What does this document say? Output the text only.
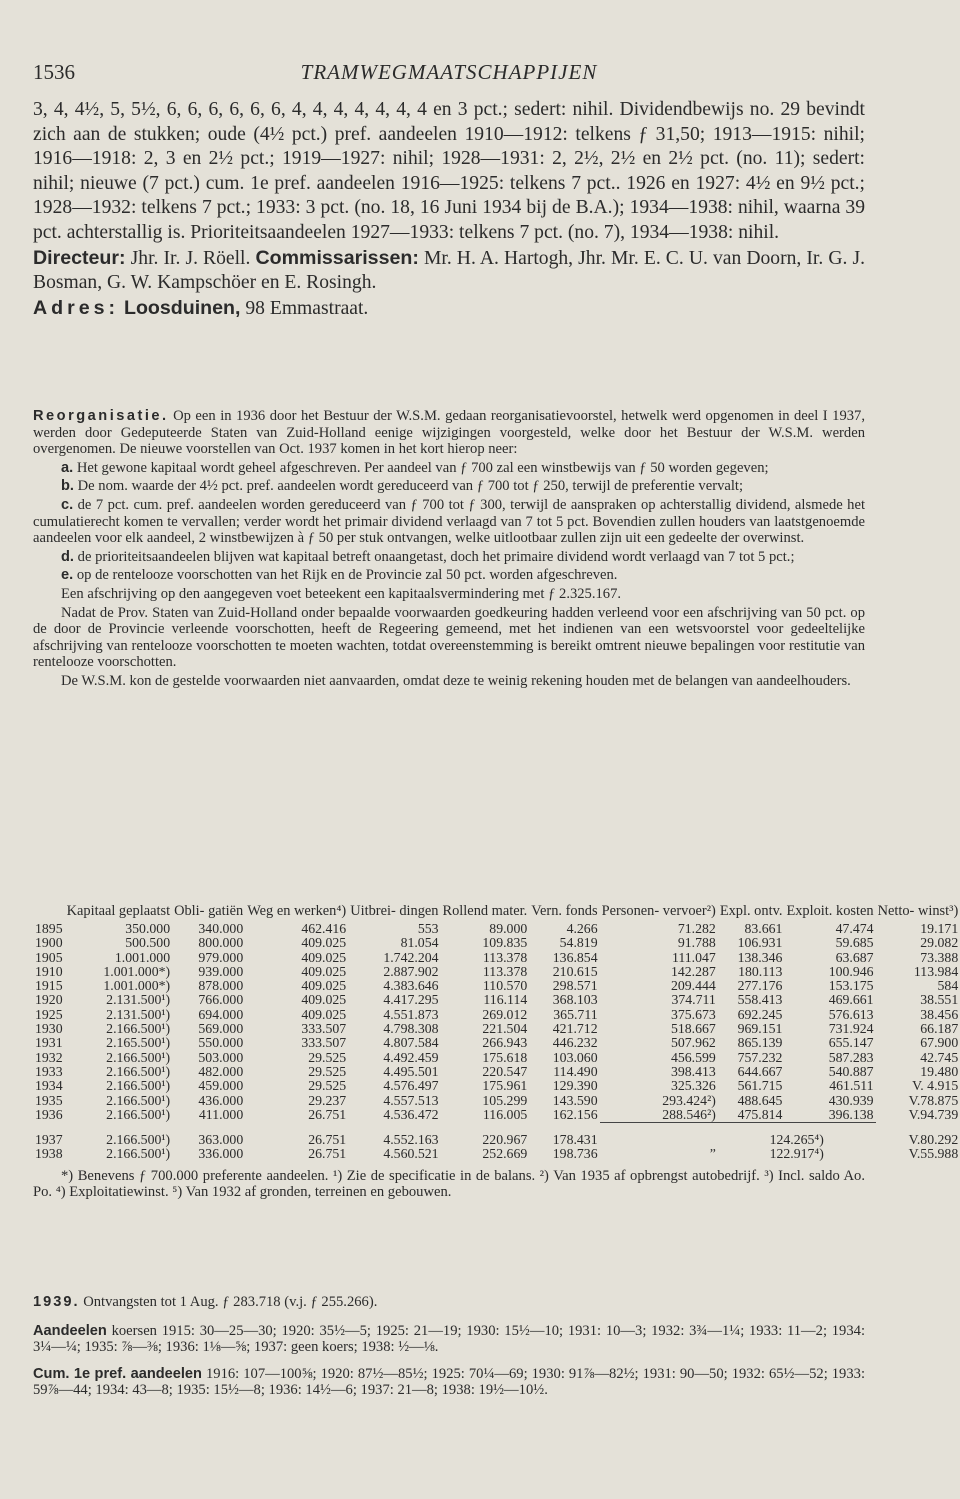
1536	TRAMWEGMAATSCHAPPIJEN

3, 4, 4½, 5, 5½, 6, 6, 6, 6, 6, 6, 4, 4, 4, 4, 4, 4, 4 en 3 pct.; sedert: nihil. Dividendbewijs no. 29 bevindt zich aan de stukken; oude (4½ pct.) pref. aandeelen 1910—1912: telkens ƒ 31,50; 1913—1915: nihil; 1916—1918: 2, 3 en 2½ pct.; 1919—1927: nihil; 1928—1931: 2, 2½, 2½ en 2½ pct. (no. 11); sedert: nihil; nieuwe (7 pct.) cum. 1e pref. aandeelen 1916—1925: telkens 7 pct.. 1926 en 1927: 4½ en 9½ pct.; 1928—1932: telkens 7 pct.; 1933: 3 pct. (no. 18, 16 Juni 1934 bij de B.A.); 1934—1938: nihil, waarna 39 pct. achterstallig is. Prioriteitsaandeelen 1927—1933: telkens 7 pct. (no. 7), 1934—1938: nihil.

Directeur: Jhr. Ir. J. Röell. Commissarissen: Mr. H. A. Hartogh, Jhr. Mr. E. C. U. van Doorn, Ir. G. J. Bosman, G. W. Kampschöer en E. Rosingh.

Adres: Loosduinen, 98 Emmastraat.

Reorganisatie. Op een in 1936 door het Bestuur der W.S.M. gedaan reorganisatievoorstel, hetwelk werd opgenomen in deel I 1937, werden door Gedeputeerde Staten van Zuid-Holland eenige wijzigingen voorgesteld, welke door het Bestuur der W.S.M. werden overgenomen. De nieuwe voorstellen van Oct. 1937 komen in het kort hierop neer:

a. Het gewone kapitaal wordt geheel afgeschreven. Per aandeel van ƒ 700 zal een winstbewijs van ƒ 50 worden gegeven;

b. De nom. waarde der 4½ pct. pref. aandeelen wordt gereduceerd van ƒ 700 tot ƒ 250, terwijl de preferentie vervalt;

c. de 7 pct. cum. pref. aandeelen worden gereduceerd van ƒ 700 tot ƒ 300, terwijl de aanspraken op achterstallig dividend, alsmede het cumulatierecht komen te vervallen; verder wordt het primair dividend verlaagd van 7 tot 5 pct. Bovendien zullen houders van laatstgenoemde aandeelen voor elk aandeel, 2 winstbewijzen à ƒ 50 per stuk ontvangen, welke uitlootbaar zullen zijn uit een gedeelte der overwinst.

d. de prioriteitsaandeelen blijven wat kapitaal betreft onaangetast, doch het primaire dividend wordt verlaagd van 7 tot 5 pct.;

e. op de rentelooze voorschotten van het Rijk en de Provincie zal 50 pct. worden afgeschreven.

Een afschrijving op den aangegeven voet beteekent een kapitaalsvermindering met ƒ 2.325.167.

Nadat de Prov. Staten van Zuid-Holland onder bepaalde voorwaarden goedkeuring hadden verleend voor een afschrijving van 50 pct. op de door de Provincie verleende voorschotten, heeft de Regeering gemeend, met het indienen van een wetsvoorstel voor gedeeltelijke afschrijving van rentelooze voorschotten te moeten wachten, totdat overeenstemming is bereikt omtrent nieuwe bepalingen voor restitutie van rentelooze voorschotten.

De W.S.M. kon de gestelde voorwaarden niet aanvaarden, omdat deze te weinig rekening houden met de belangen van aandeelhouders.

	Kapitaal geplaatst	Obli- gatiën	Weg en werken⁴)	Uitbrei- dingen	Rollend mater.	Vern. fonds	Personen- vervoer²)	Expl. ontv.	Exploit. kosten	Netto- winst³)
1895	350.000	340.000	462.416	553	89.000	4.266	71.282	83.661	47.474	19.171
1900	500.500	800.000	409.025	81.054	109.835	54.819	91.788	106.931	59.685	29.082
1905	1.001.000	979.000	409.025	1.742.204	113.378	136.854	111.047	138.346	63.687	73.388
1910	1.001.000*)	939.000	409.025	2.887.902	113.378	210.615	142.287	180.113	100.946	113.984
1915	1.001.000*)	878.000	409.025	4.383.646	110.570	298.571	209.444	277.176	153.175	584
1920	2.131.500¹)	766.000	409.025	4.417.295	116.114	368.103	374.711	558.413	469.661	38.551
1925	2.131.500¹)	694.000	409.025	4.551.873	269.012	365.711	375.673	692.245	576.613	38.456
1930	2.166.500¹)	569.000	333.507	4.798.308	221.504	421.712	518.667	969.151	731.924	66.187
1931	2.165.500¹)	550.000	333.507	4.807.584	266.943	446.232	507.962	865.139	655.147	67.900
1932	2.166.500¹)	503.000	29.525	4.492.459	175.618	103.060	456.599	757.232	587.283	42.745
1933	2.166.500¹)	482.000	29.525	4.495.501	220.547	114.490	398.413	644.667	540.887	19.480
1934	2.166.500¹)	459.000	29.525	4.576.497	175.961	129.390	325.326	561.715	461.511	V. 4.915
1935	2.166.500¹)	436.000	29.237	4.557.513	105.299	143.590	293.424²)	488.645	430.939	V.78.875
1936	2.166.500¹)	411.000	26.751	4.536.472	116.005	162.156	288.546²)	475.814	396.138	V.94.739
1937	2.166.500¹)	363.000	26.751	4.552.163	220.967	178.431		124.265⁴)		V.80.292
1938	2.166.500¹)	336.000	26.751	4.560.521	252.669	198.736	”	122.917⁴)		V.55.988

*) Benevens ƒ 700.000 preferente aandeelen. ¹) Zie de specificatie in de balans. ²) Van 1935 af opbrengst autobedrijf. ³) Incl. saldo Ao. Po. ⁴) Exploitatiewinst. ⁵) Van 1932 af gronden, terreinen en gebouwen.

1939. Ontvangsten tot 1 Aug. ƒ 283.718 (v.j. ƒ 255.266).

Aandeelen koersen 1915: 30—25—30; 1920: 35½—5; 1925: 21—19; 1930: 15½—10; 1931: 10—3; 1932: 3¾—1¼; 1933: 11—2; 1934: 3¼—¼; 1935: ⅞—⅜; 1936: 1⅛—⅝; 1937: geen koers; 1938: ½—⅛.

Cum. 1e pref. aandeelen 1916: 107—100⅝; 1920: 87½—85½; 1925: 70¼—69; 1930: 91⅞—82½; 1931: 90—50; 1932: 65½—52; 1933: 59⅞—44; 1934: 43—8; 1935: 15½—8; 1936: 14½—6; 1937: 21—8; 1938: 19½—10½.
